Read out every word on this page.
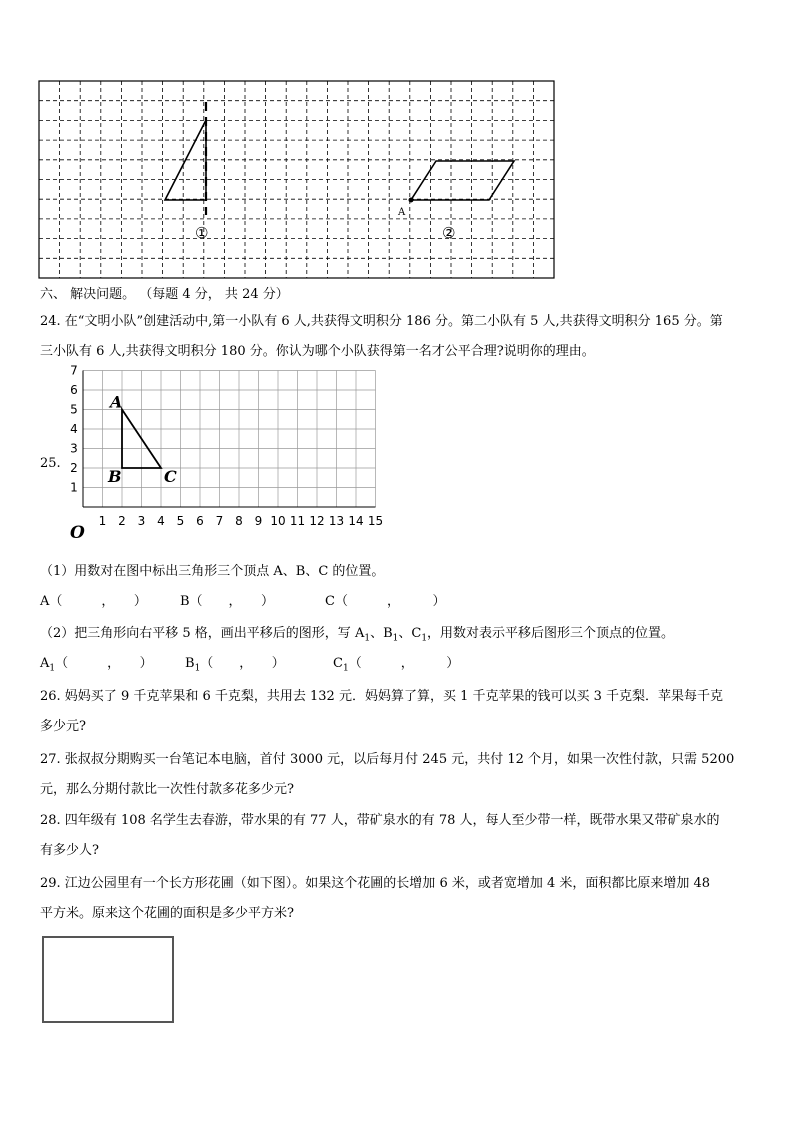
A
①	②
六、 解决问题。 （每题 4 分， 共 24 分）
24. 在“文明小队”创建活动中,第一小队有 6 人,共获得文明积分 186 分。第二小队有 5 人,共获得文明积分 165 分。第
三小队有 6 人,共获得文明积分 180 分。你认为哪个小队获得第一名才公平合理?说明你的理由。
25.
1 2 3 4 5 6 7 8 9 10 11 12 13 14 15
1
2
3
4
5
6
7
A
B	C
O
（1）用数对在图中标出三角形三个顶点 A、B、C 的位置。
A（　　　，　　）	B（　　，　　）	C（　　　，　　　）
（2）把三角形向右平移 5 格，画出平移后的图形，写 $A_1$、$B_1$、$C_1$，用数对表示平移后图形三个顶点的位置。
$A_1$（　　　，　　） $B_1$（　　，　　）	$C_1$（　　　，　　　）
26. 妈妈买了 9 千克苹果和 6 千克梨，共用去 132 元．妈妈算了算，买 1 千克苹果的钱可以买 3 千克梨．苹果每千克
多少元?
27. 张叔叔分期购买一台笔记本电脑，首付 3000 元，以后每月付 245 元，共付 12 个月，如果一次性付款，只需 5200
元，那么分期付款比一次性付款多花多少元?
28. 四年级有 108 名学生去春游，带水果的有 77 人，带矿泉水的有 78 人，每人至少带一样，既带水果又带矿泉水的
有多少人?
29. 江边公园里有一个长方形花圃（如下图）。如果这个花圃的长增加 6 米，或者宽增加 4 米，面积都比原来增加 48
平方米。原来这个花圃的面积是多少平方米?
